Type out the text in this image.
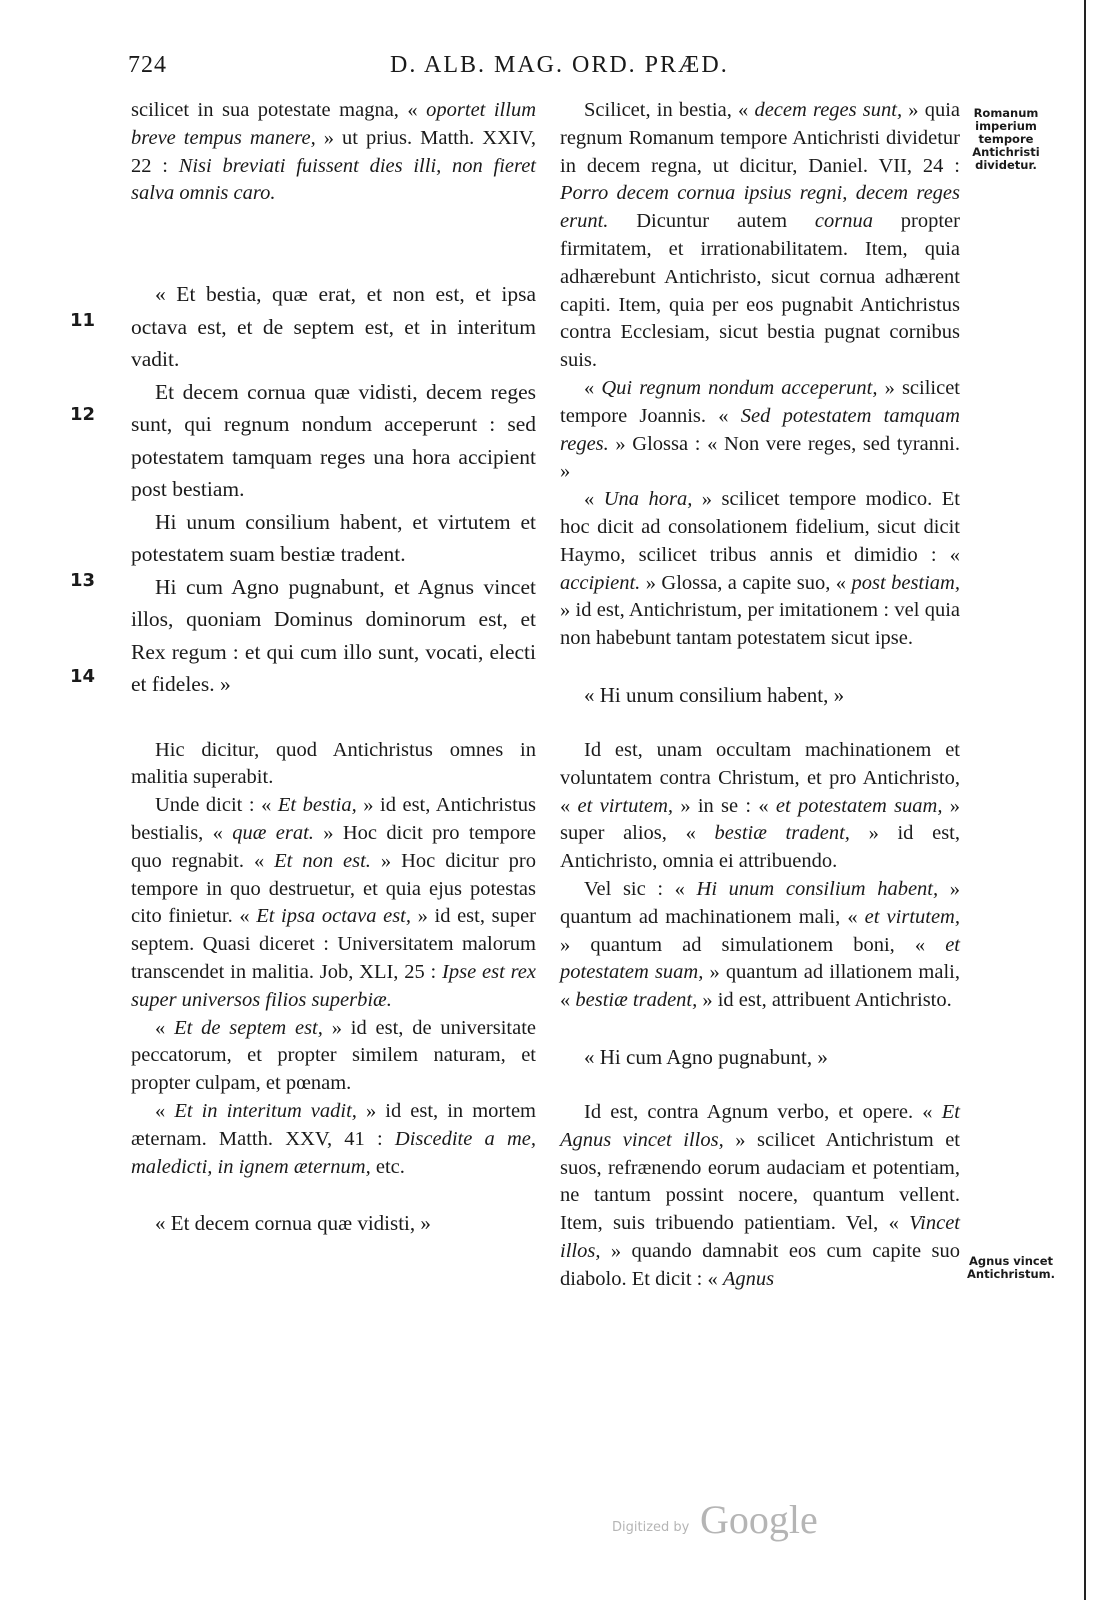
724	D. ALB. MAG. ORD. PRÆD.
11
12
13
14

scilicet in sua potestate magna, « oportet illum breve tempus manere, » ut prius. Matth. XXIV, 22 : Nisi breviati fuissent dies illi, non fieret salva omnis caro.

« Et bestia, quæ erat, et non est, et ipsa octava est, et de septem est, et in interitum vadit.

Et decem cornua quæ vidisti, decem reges sunt, qui regnum nondum acceperunt : sed potestatem tamquam reges una hora accipient post bestiam.

Hi unum consilium habent, et virtutem et potestatem suam bestiæ tradent.

Hi cum Agno pugnabunt, et Agnus vincet illos, quoniam Dominus dominorum est, et Rex regum : et qui cum illo sunt, vocati, electi et fideles. »

Hic dicitur, quod Antichristus omnes in malitia superabit.

Unde dicit : « Et bestia, » id est, Antichristus bestialis, « quæ erat. » Hoc dicit pro tempore quo regnabit. « Et non est. » Hoc dicitur pro tempore in quo destruetur, et quia ejus potestas cito finietur. « Et ipsa octava est, » id est, super septem. Quasi diceret : Universitatem malorum transcendet in malitia. Job, XLI, 25 : Ipse est rex super universos filios superbiæ.

« Et de septem est, » id est, de universitate peccatorum, et propter similem naturam, et propter culpam, et pœnam.

« Et in interitum vadit, » id est, in mortem æternam. Matth. XXV, 41 : Discedite a me, maledicti, in ignem æternum, etc.

« Et decem cornua quæ vidisti, »

Scilicet, in bestia, « decem reges sunt, » quia regnum Romanum tempore Antichristi dividetur in decem regna, ut dicitur, Daniel. VII, 24 : Porro decem cornua ipsius regni, decem reges erunt. Dicuntur autem cornua propter firmitatem, et irrationabilitatem. Item, quia adhærebunt Antichristo, sicut cornua adhærent capiti. Item, quia per eos pugnabit Antichristus contra Ecclesiam, sicut bestia pugnat cornibus suis.

« Qui regnum nondum acceperunt, » scilicet tempore Joannis. « Sed potestatem tamquam reges. » Glossa : « Non vere reges, sed tyranni. »

« Una hora, » scilicet tempore modico. Et hoc dicit ad consolationem fidelium, sicut dicit Haymo, scilicet tribus annis et dimidio : « accipient. » Glossa, a capite suo, « post bestiam, » id est, Antichristum, per imitationem : vel quia non habebunt tantam potestatem sicut ipse.

« Hi unum consilium habent, »

Id est, unam occultam machinationem et voluntatem contra Christum, et pro Antichristo, « et virtutem, » in se : « et potestatem suam, » super alios, « bestiæ tradent, » id est, Antichristo, omnia ei attribuendo.

Vel sic : « Hi unum consilium habent, » quantum ad machinationem mali, « et virtutem, » quantum ad simulationem boni, « et potestatem suam, » quantum ad illationem mali, « bestiæ tradent, » id est, attribuent Antichristo.

« Hi cum Agno pugnabunt, »

Id est, contra Agnum verbo, et opere. « Et Agnus vincet illos, » scilicet Antichristum et suos, refrænendo eorum audaciam et potentiam, ne tantum possint nocere, quantum vellent. Item, suis tribuendo patientiam. Vel, « Vincet illos, » quando damnabit eos cum capite suo diabolo. Et dicit : « Agnus

Romanum imperium tempore Antichristi dividetur.
Agnus vincet Antichristum.
Digitized by Google
